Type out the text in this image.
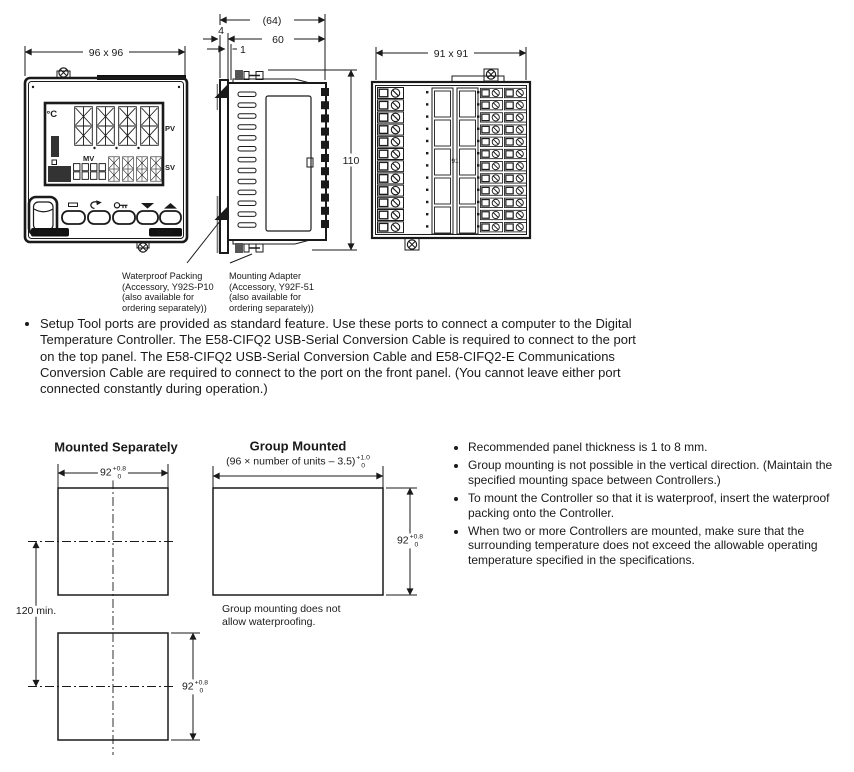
96 x 96
°C
MV
PV
SV
OMRON	E5AC
(64)
60
4
1
110
91 x 91
91
Waterproof Packing
(Accessory, Y92S-P10
(also available for
ordering separately))
Mounting Adapter
(Accessory, Y92F-51
(also available for
ordering separately))
• Setup Tool ports are provided as standard feature. Use these ports to connect a computer to the Digital Temperature Controller. The E58-CIFQ2 USB-Serial Conversion Cable is required to connect to the port on the top panel. The E58-CIFQ2 USB-Serial Conversion Cable and E58-CIFQ2-E Communications Conversion Cable are required to connect to the port on the front panel. (You cannot leave either port connected constantly during operation.)
Mounted Separately	Group Mounted
92 +0.8
0
120 min.
92 +0.8
0
(96 × number of units – 3.5) +1.0
0
92 +0.8
0
Group mounting does not allow waterproofing.
• Recommended panel thickness is 1 to 8 mm.
• Group mounting is not possible in the vertical direction. (Maintain the specified mounting space between Controllers.)
• To mount the Controller so that it is waterproof, insert the waterproof packing onto the Controller.
• When two or more Controllers are mounted, make sure that the surrounding temperature does not exceed the allowable operating temperature specified in the specifications.
